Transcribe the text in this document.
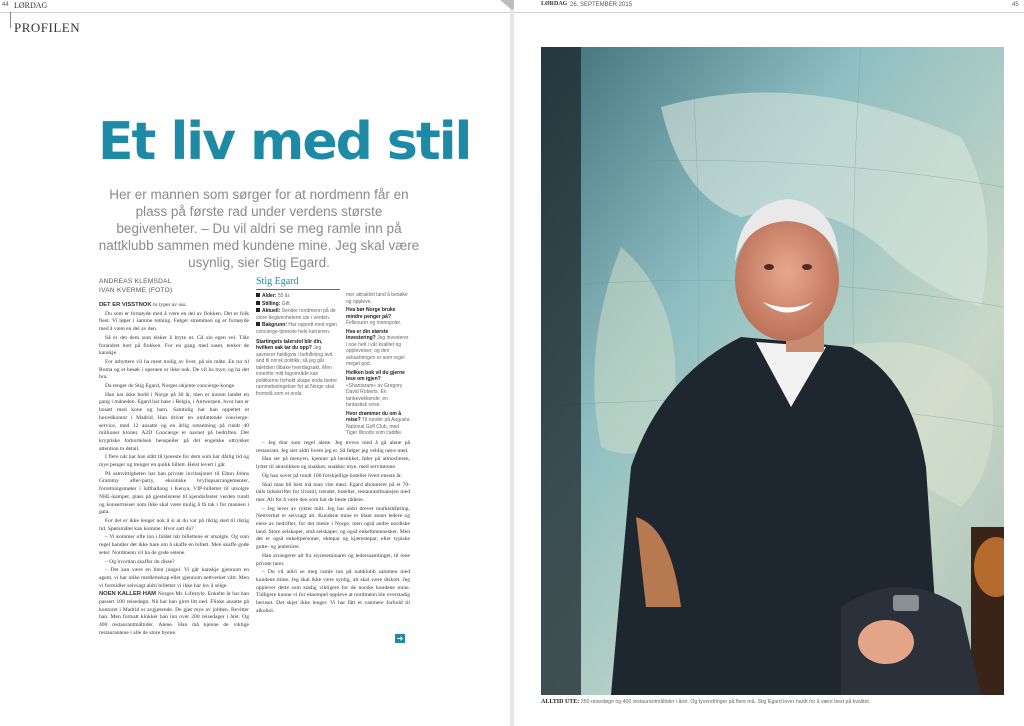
44 LØRDAG
PROFILEN
Et liv med stil
Her er mannen som sørger for at nordmenn får en plass på første rad under verdens største begivenheter. – Du vil aldri se meg ramle inn på nattklubb sammen med kundene mine. Jeg skal være usynlig, sier Stig Egard.
ANDREAS KLEMSDAL
IVAN KVERME (FOTO)

DET ER VISSTNOK to typer av oss.

Du som er fornøyde med å være en del av flokken. Det er folk flest. Vi løper i samme retning. Følger strømmen og er fornøyde med å være en del av den.

Så er det dem som elsker å bryte ut. Gå sin egen vei. Tåle forandret bort på flokken. For en gang med saset, tenker de kanskje.

For utbyttere vil ha mest mulig av livet, på sin måte. En tur til Roma og et besøk i operaen er ikke nok. De vil ha mye, og ha det bra.

Da tenger de Stig Egard, Norges ukjente concierge-konge.

Han har ikke bodd i Norge på 30 år, men er innom landet en gang i måneden. Egard har base i Belgia, i Antwerpen, hvor han er bosatt med kone og barn. Samtidig har han oppettet et hovedkontor i Madrid. Han driver en omfattende concierge-service, med 12 ansatte og en årlig omsetning på rundt 40 millioner kroner. A2D Concierge er navnet på bedriften. Det kryptiske forkortelsen henspeiler på det engelske uttrykket attention to detail.

I flere når har han stått til tjeneste for dem som har dårlig tid og mye penger og trenger en quikk billett. Helst levert i går.

På samvittigheten har han private invitasjoner til Elton Johns Grammy after-party, eksotiske bryllupsarrangementer, forretningsmøter i luftballong i Kenya, VIP-billetter til utsolgte NHL-kamper, plass på gjestelistene til kjendisfester verden rundt og konsertreiser som ikke skal være mulig å få tak i for mannen i gata.

For det er ikke lenger nok å si at du var på riktig sted til riktig tid. Spørsmålet kan komme: Hvor satt du?

– Vi kommer ofte inn i bildet når billettene er utsolgte. Og som regel handler det ikke bare om å skaffe en billett. Men skaffe gode seter. Nordmenn vil ha de gode setene.

– Og hvordan skaffer du disse?

– Det kan være en liten jungel. Vi går kanskje gjennom en agent, vi har ulike medlemskap eller gjennom nettverket vårt. Men vi formidler selvsagt aldri billetter vi ikke har lov å selge.

NOEN KALLER HAM Norges Mr. Lifestyle. Enkelte år har han passert 100 reisedøgn. Nå har han giret litt ned. Flinke ansatte på kontoret i Madrid er avgjørende. De gjør mye av jobben. Bevitter han. Men fortsatt klokker han inn over 200 reisedager i året. Og 400 restaurantmåltider. Alene. Han må kjenne de viktige restaurantene i alle de store byene.

Stig Egard
Alder: 55 år.
Stilling: Gift.
Aktuell: Sender nordmenn på de store begivenhetene ute i verden.
Bakgrunn: Har opprett med egen concierge-tjeneste hele karrieren.
Startingets talerstol blir din, hvilken sak tar du opp? Jeg savnerer heldigvis i befolkning avd and til norsk politikk, så jeg går taletiden tilbake hverdagsakt. Men innenfor mitt fagområde kan politikerne forhold skape enda bedre rammebetingelser for at Norge skal fremstå som et enda
mer attraktivt land å besøke og oppleve.
Hva bør Norge bruke mindre penger på? Fellesurer og monopoler.
Hva er din største investering? Jeg investerer i noe helt i vår kvalitet og opplevelser, og den avkastningen er som regel meget god.
Hvilken bok vil du gjerne lese om igjen? «Shantaram» av Gregory David Roberts. En tankevekkende, en fantastisk reise.
Hvor drømmer du om å reise? Til runder på Augusta National Golf Club, med Tiger Woods som caddie.

– Jeg drar som regel alene. Jeg treves med å gå alene på restaurant. Jeg sier aldri hvem jeg er. Så følger jeg veldig nøye med.

Han ser på menyen, kjenner på bestikket, føler på atmosfæren, lytter til akustikken og snakker, snakker mye, med servitørene.

Og han sover på rundt 100 forskjellige hoteller hvert eneste år.

Skal man bli best må man vite mest. Egard abonnerer på et 70-talls tidsskrifter for livsstil, trender, hoteller, restaurantbransjen med mer. Alt for å være den som har de beste rådene.

– Jeg lever av ryktet mitt. Jeg har aldri drevet markedsføring. Nettverket er selvsagt alt. Kundene mine er blant annet ledere og eiere av bedrifter, for det meste i Norge, men også andre nordiske land. Store selskaper, små selskaper, og også enkeltmennesker. Men det er også enkeltpersoner, ektepar og kjærestepar, eller typiske gutte- og jentetürer.

Han arrangerer alt fra styreseminarer og lederssamlinger, til rene private turer.

– Du vil aldri se meg ramle inn på nattklubb sammen med kundene mine. Jeg skal ikke være synlig, alt skal være diskret. Jeg opplever dette som stadig viktigere for de norske kundene mine. Tidligere kunne vi for eksempel oppleve at nordmenn ble overstadig beruset. Det skjer ikke lenger. Vi har fått et vanmere forhold til alkohol.

➜
LØRDAG 26. SEPTEMBER 2015	45
ALLTID UTE: 250 reisedøgn og 400 restaurantmåltider i året. Og tyvendringer på flere må. Stig Egard lever hardt for å være best på kvalitet.
